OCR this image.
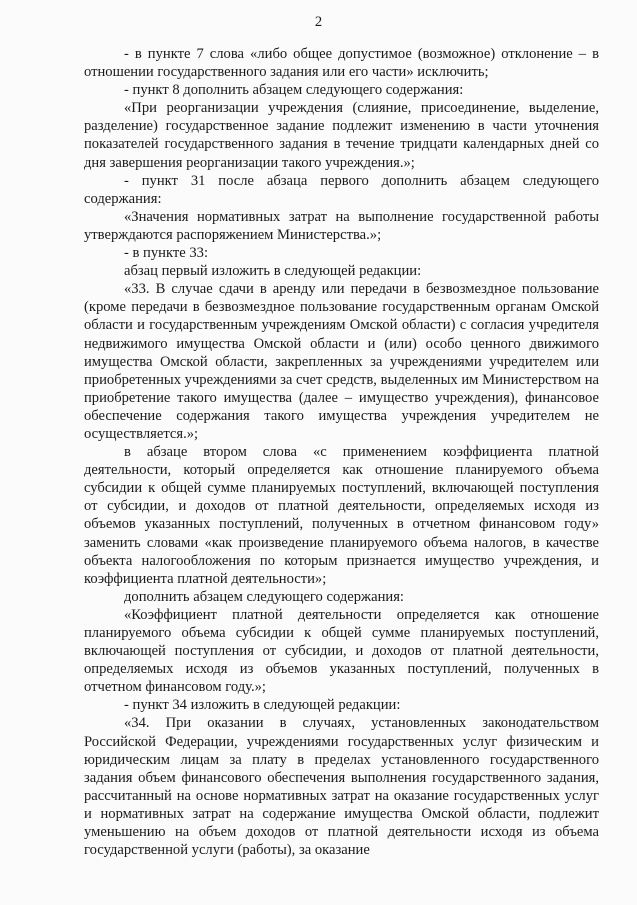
2

- в пункте 7 слова «либо общее допустимое (возможное) отклонение – в отношении государственного задания или его части» исключить;

- пункт 8 дополнить абзацем следующего содержания:

«При реорганизации учреждения (слияние, присоединение, выделение, разделение) государственное задание подлежит изменению в части уточнения показателей государственного задания в течение тридцати календарных дней со дня завершения реорганизации такого учреждения.»;

- пункт 31 после абзаца первого дополнить абзацем следующего содержания:

«Значения нормативных затрат на выполнение государственной работы утверждаются распоряжением Министерства.»;

- в пункте 33:

абзац первый изложить в следующей редакции:

«33. В случае сдачи в аренду или передачи в безвозмездное пользование (кроме передачи в безвозмездное пользование государственным органам Омской области и государственным учреждениям Омской области) с согласия учредителя недвижимого имущества Омской области и (или) особо ценного движимого имущества Омской области, закрепленных за учреждениями учредителем или приобретенных учреждениями за счет средств, выделенных им Министерством на приобретение такого имущества (далее – имущество учреждения), финансовое обеспечение содержания такого имущества учреждения учредителем не осуществляется.»;

в абзаце втором слова «с применением коэффициента платной деятельности, который определяется как отношение планируемого объема субсидии к общей сумме планируемых поступлений, включающей поступления от субсидии, и доходов от платной деятельности, определяемых исходя из объемов указанных поступлений, полученных в отчетном финансовом году» заменить словами «как произведение планируемого объема налогов, в качестве объекта налогообложения по которым признается имущество учреждения, и коэффициента платной деятельности»;

дополнить абзацем следующего содержания:

«Коэффициент платной деятельности определяется как отношение планируемого объема субсидии к общей сумме планируемых поступлений, включающей поступления от субсидии, и доходов от платной деятельности, определяемых исходя из объемов указанных поступлений, полученных в отчетном финансовом году.»;

- пункт 34 изложить в следующей редакции:

«34. При оказании в случаях, установленных законодательством Российской Федерации, учреждениями государственных услуг физическим и юридическим лицам за плату в пределах установленного государственного задания объем финансового обеспечения выполнения государственного задания, рассчитанный на основе нормативных затрат на оказание государственных услуг и нормативных затрат на содержание имущества Омской области, подлежит уменьшению на объем доходов от платной деятельности исходя из объема государственной услуги (работы), за оказание
